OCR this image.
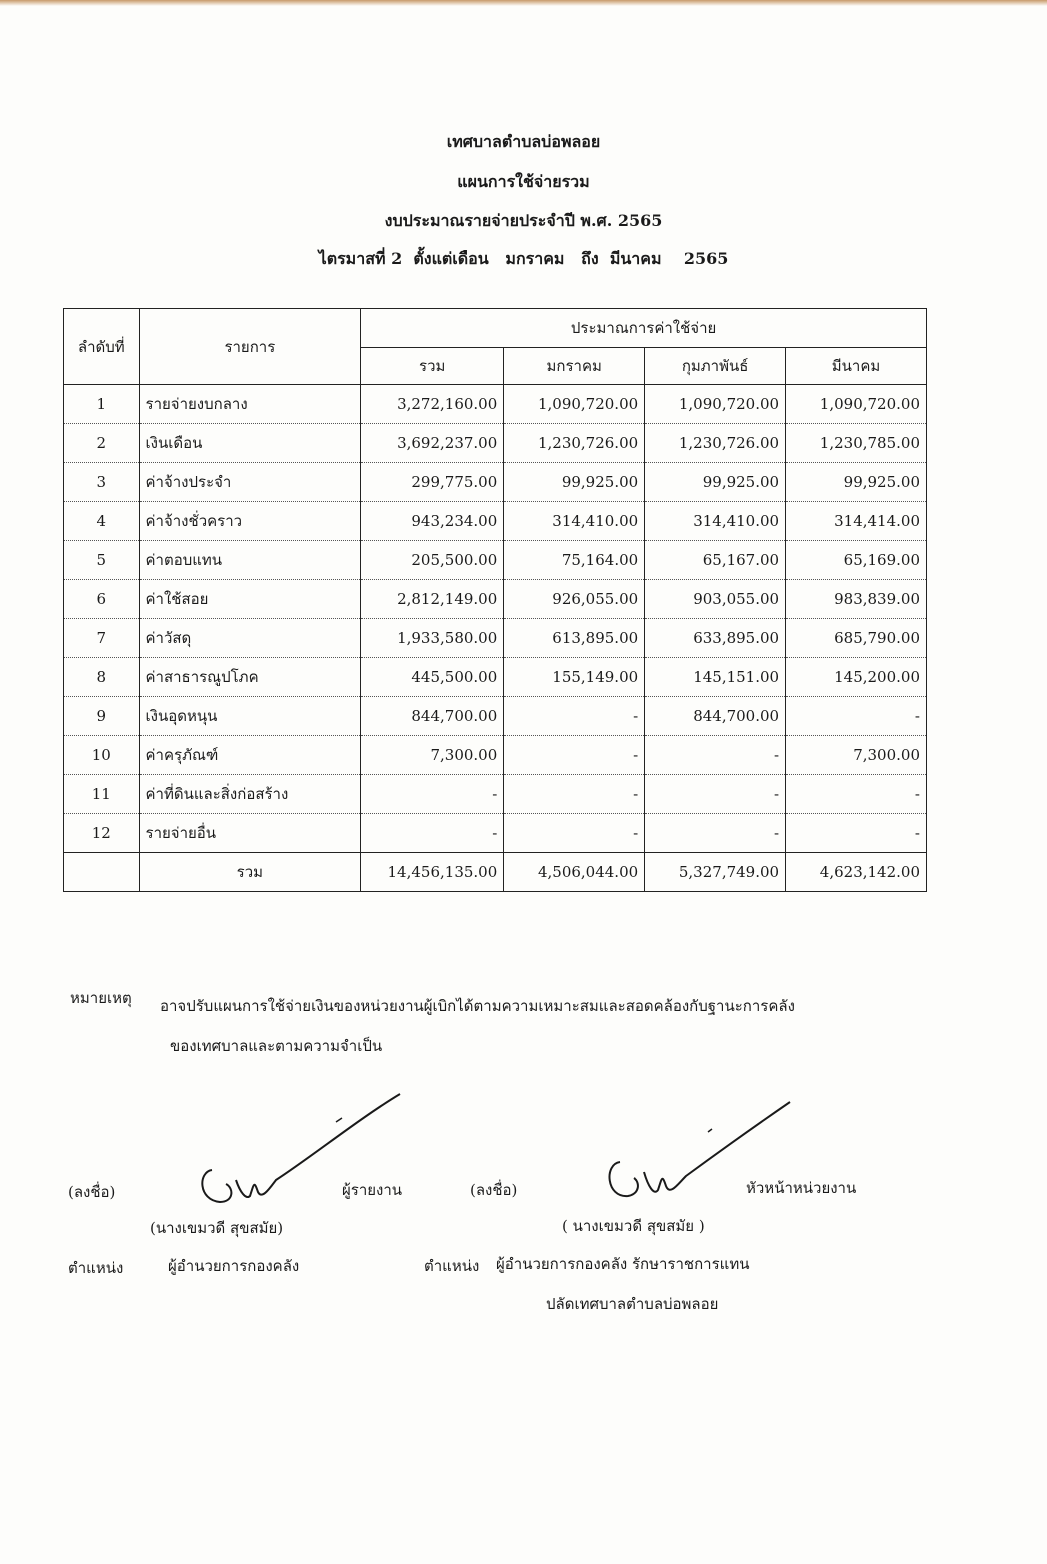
เทศบาลตำบลบ่อพลอย
แผนการใช้จ่ายรวม
งบประมาณรายจ่ายประจำปี พ.ศ. 2565
ไตรมาสที่ 2 ตั้งแต่เดือน มกราคม ถึง มีนาคม 2565
ลำดับที่	รายการ	ประมาณการค่าใช้จ่าย			
		รวม	มกราคม	กุมภาพันธ์	มีนาคม
1	รายจ่ายงบกลาง	3,272,160.00	1,090,720.00	1,090,720.00	1,090,720.00
2	เงินเดือน	3,692,237.00	1,230,726.00	1,230,726.00	1,230,785.00
3	ค่าจ้างประจำ	299,775.00	99,925.00	99,925.00	99,925.00
4	ค่าจ้างชั่วคราว	943,234.00	314,410.00	314,410.00	314,414.00
5	ค่าตอบแทน	205,500.00	75,164.00	65,167.00	65,169.00
6	ค่าใช้สอย	2,812,149.00	926,055.00	903,055.00	983,839.00
7	ค่าวัสดุ	1,933,580.00	613,895.00	633,895.00	685,790.00
8	ค่าสาธารณูปโภค	445,500.00	155,149.00	145,151.00	145,200.00
9	เงินอุดหนุน	844,700.00	-	844,700.00	-
10	ค่าครุภัณฑ์	7,300.00	-	-	7,300.00
11	ค่าที่ดินและสิ่งก่อสร้าง	-	-	-	-
12	รายจ่ายอื่น	-	-	-	-
	รวม	14,456,135.00	4,506,044.00	5,327,749.00	4,623,142.00
หมายเหตุ อาจปรับแผนการใช้จ่ายเงินของหน่วยงานผู้เบิกได้ตามความเหมาะสมและสอดคล้องกับฐานะการคลัง
ของเทศบาลและตามความจำเป็น
(ลงชื่อ)	ผู้รายงาน
(นางเขมวดี สุขสมัย)
ตำแหน่ง	ผู้อำนวยการกองคลัง
(ลงชื่อ)	หัวหน้าหน่วยงาน
( นางเขมวดี สุขสมัย )
ตำแหน่ง ผู้อำนวยการกองคลัง รักษาราชการแทน
ปลัดเทศบาลตำบลบ่อพลอย
